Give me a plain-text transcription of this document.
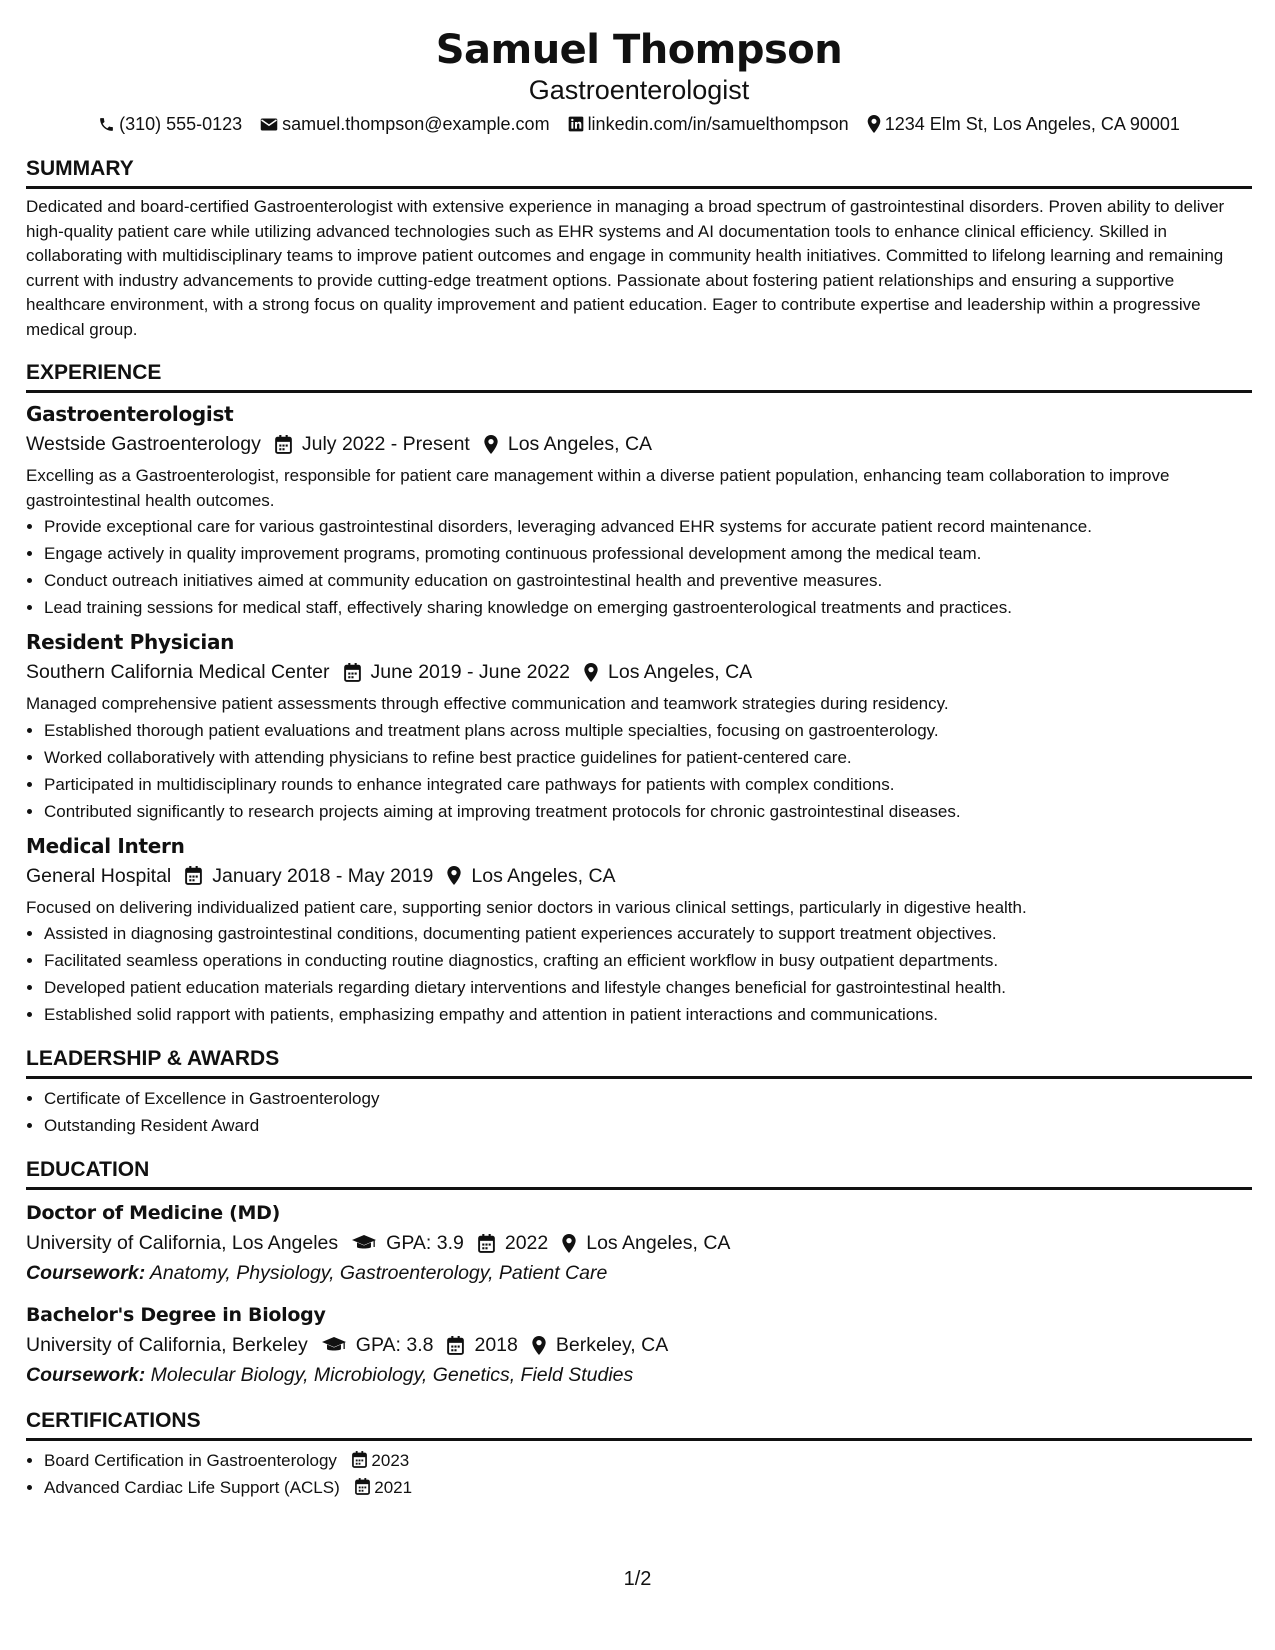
Samuel Thompson
Gastroenterologist
(310) 555-0123 samuel.thompson@example.com linkedin.com/in/samuelthompson 1234 Elm St, Los Angeles, CA 90001
SUMMARY
Dedicated and board-certified Gastroenterologist with extensive experience in managing a broad spectrum of gastrointestinal disorders. Proven ability to deliver high-quality patient care while utilizing advanced technologies such as EHR systems and AI documentation tools to enhance clinical efficiency. Skilled in collaborating with multidisciplinary teams to improve patient outcomes and engage in community health initiatives. Committed to lifelong learning and remaining current with industry advancements to provide cutting-edge treatment options. Passionate about fostering patient relationships and ensuring a supportive healthcare environment, with a strong focus on quality improvement and patient education. Eager to contribute expertise and leadership within a progressive medical group.
EXPERIENCE
Gastroenterologist
Westside Gastroenterology July 2022 - Present Los Angeles, CA
Excelling as a Gastroenterologist, responsible for patient care management within a diverse patient population, enhancing team collaboration to improve gastrointestinal health outcomes.
• Provide exceptional care for various gastrointestinal disorders, leveraging advanced EHR systems for accurate patient record maintenance.
• Engage actively in quality improvement programs, promoting continuous professional development among the medical team.
• Conduct outreach initiatives aimed at community education on gastrointestinal health and preventive measures.
• Lead training sessions for medical staff, effectively sharing knowledge on emerging gastroenterological treatments and practices.
Resident Physician
Southern California Medical Center June 2019 - June 2022 Los Angeles, CA
Managed comprehensive patient assessments through effective communication and teamwork strategies during residency.
• Established thorough patient evaluations and treatment plans across multiple specialties, focusing on gastroenterology.
• Worked collaboratively with attending physicians to refine best practice guidelines for patient-centered care.
• Participated in multidisciplinary rounds to enhance integrated care pathways for patients with complex conditions.
• Contributed significantly to research projects aiming at improving treatment protocols for chronic gastrointestinal diseases.
Medical Intern
General Hospital January 2018 - May 2019 Los Angeles, CA
Focused on delivering individualized patient care, supporting senior doctors in various clinical settings, particularly in digestive health.
• Assisted in diagnosing gastrointestinal conditions, documenting patient experiences accurately to support treatment objectives.
• Facilitated seamless operations in conducting routine diagnostics, crafting an efficient workflow in busy outpatient departments.
• Developed patient education materials regarding dietary interventions and lifestyle changes beneficial for gastrointestinal health.
• Established solid rapport with patients, emphasizing empathy and attention in patient interactions and communications.
LEADERSHIP & AWARDS
• Certificate of Excellence in Gastroenterology
• Outstanding Resident Award
EDUCATION
Doctor of Medicine (MD)
University of California, Los Angeles GPA: 3.9 2022 Los Angeles, CA
Coursework: Anatomy, Physiology, Gastroenterology, Patient Care
Bachelor's Degree in Biology
University of California, Berkeley GPA: 3.8 2018 Berkeley, CA
Coursework: Molecular Biology, Microbiology, Genetics, Field Studies
CERTIFICATIONS
• Board Certification in Gastroenterology 2023
• Advanced Cardiac Life Support (ACLS) 2021
1/2
